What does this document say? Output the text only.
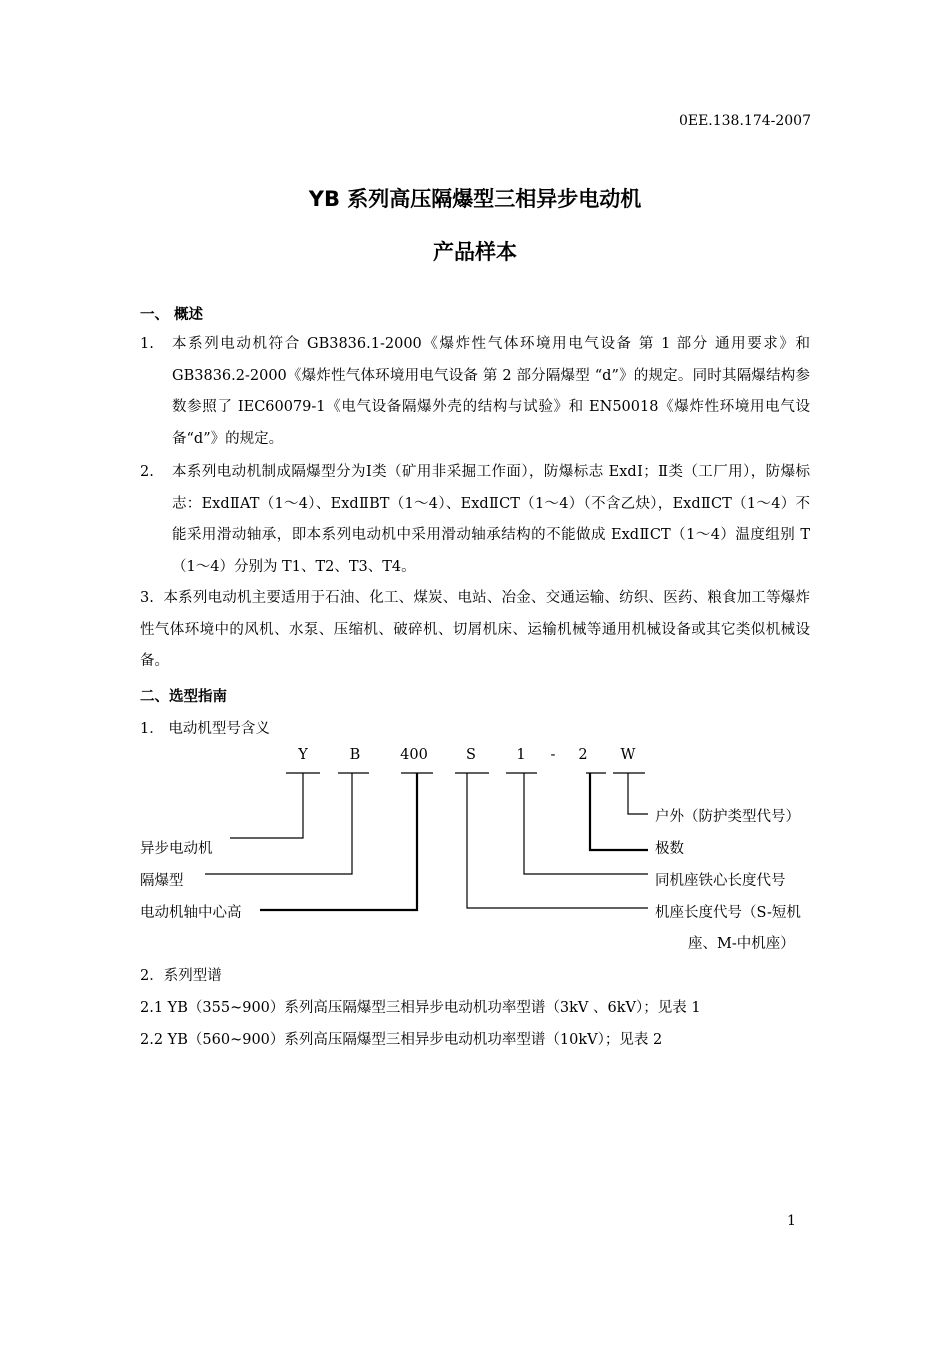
0EE.138.174-2007
YB 系列高压隔爆型三相异步电动机
产品样本
一、 概述
1. 本系列电动机符合 GB3836.1-2000《爆炸性气体环境用电气设备 第 1 部分 通用要求》和GB3836.2-2000《爆炸性气体环境用电气设备 第 2 部分隔爆型 “d”》的规定。同时其隔爆结构参数参照了 IEC60079-1《电气设备隔爆外壳的结构与试验》和 EN50018《爆炸性环境用电气设备“d”》的规定。
2. 本系列电动机制成隔爆型分为Ⅰ类（矿用非采掘工作面），防爆标志 ExdⅠ；Ⅱ类（工厂用），防爆标志：ExdⅡAT（1～4）、ExdⅡBT（1～4）、ExdⅡCT（1～4）（不含乙炔），ExdⅡCT（1～4）不能采用滑动轴承，即本系列电动机中采用滑动轴承结构的不能做成 ExdⅡCT（1～4）温度组别 T（1～4）分别为 T1、T2、T3、T4。
3. 本系列电动机主要适用于石油、化工、煤炭、电站、冶金、交通运输、纺织、医药、粮食加工等爆炸性气体环境中的风机、水泵、压缩机、破碎机、切屑机床、运输机械等通用机械设备或其它类似机械设备。
二、选型指南
1． 电动机型号含义
Y	B	400	S	1	-	2	W
异步电动机
隔爆型
电动机轴中心高
户外（防护类型代号）
极数
同机座铁心长度代号
机座长度代号（S-短机
座、M-中机座）
2．系列型谱
2.1 YB（355~900）系列高压隔爆型三相异步电动机功率型谱（3kV 、6kV）；见表 1
2.2 YB（560~900）系列高压隔爆型三相异步电动机功率型谱（10kV）；见表 2
1
